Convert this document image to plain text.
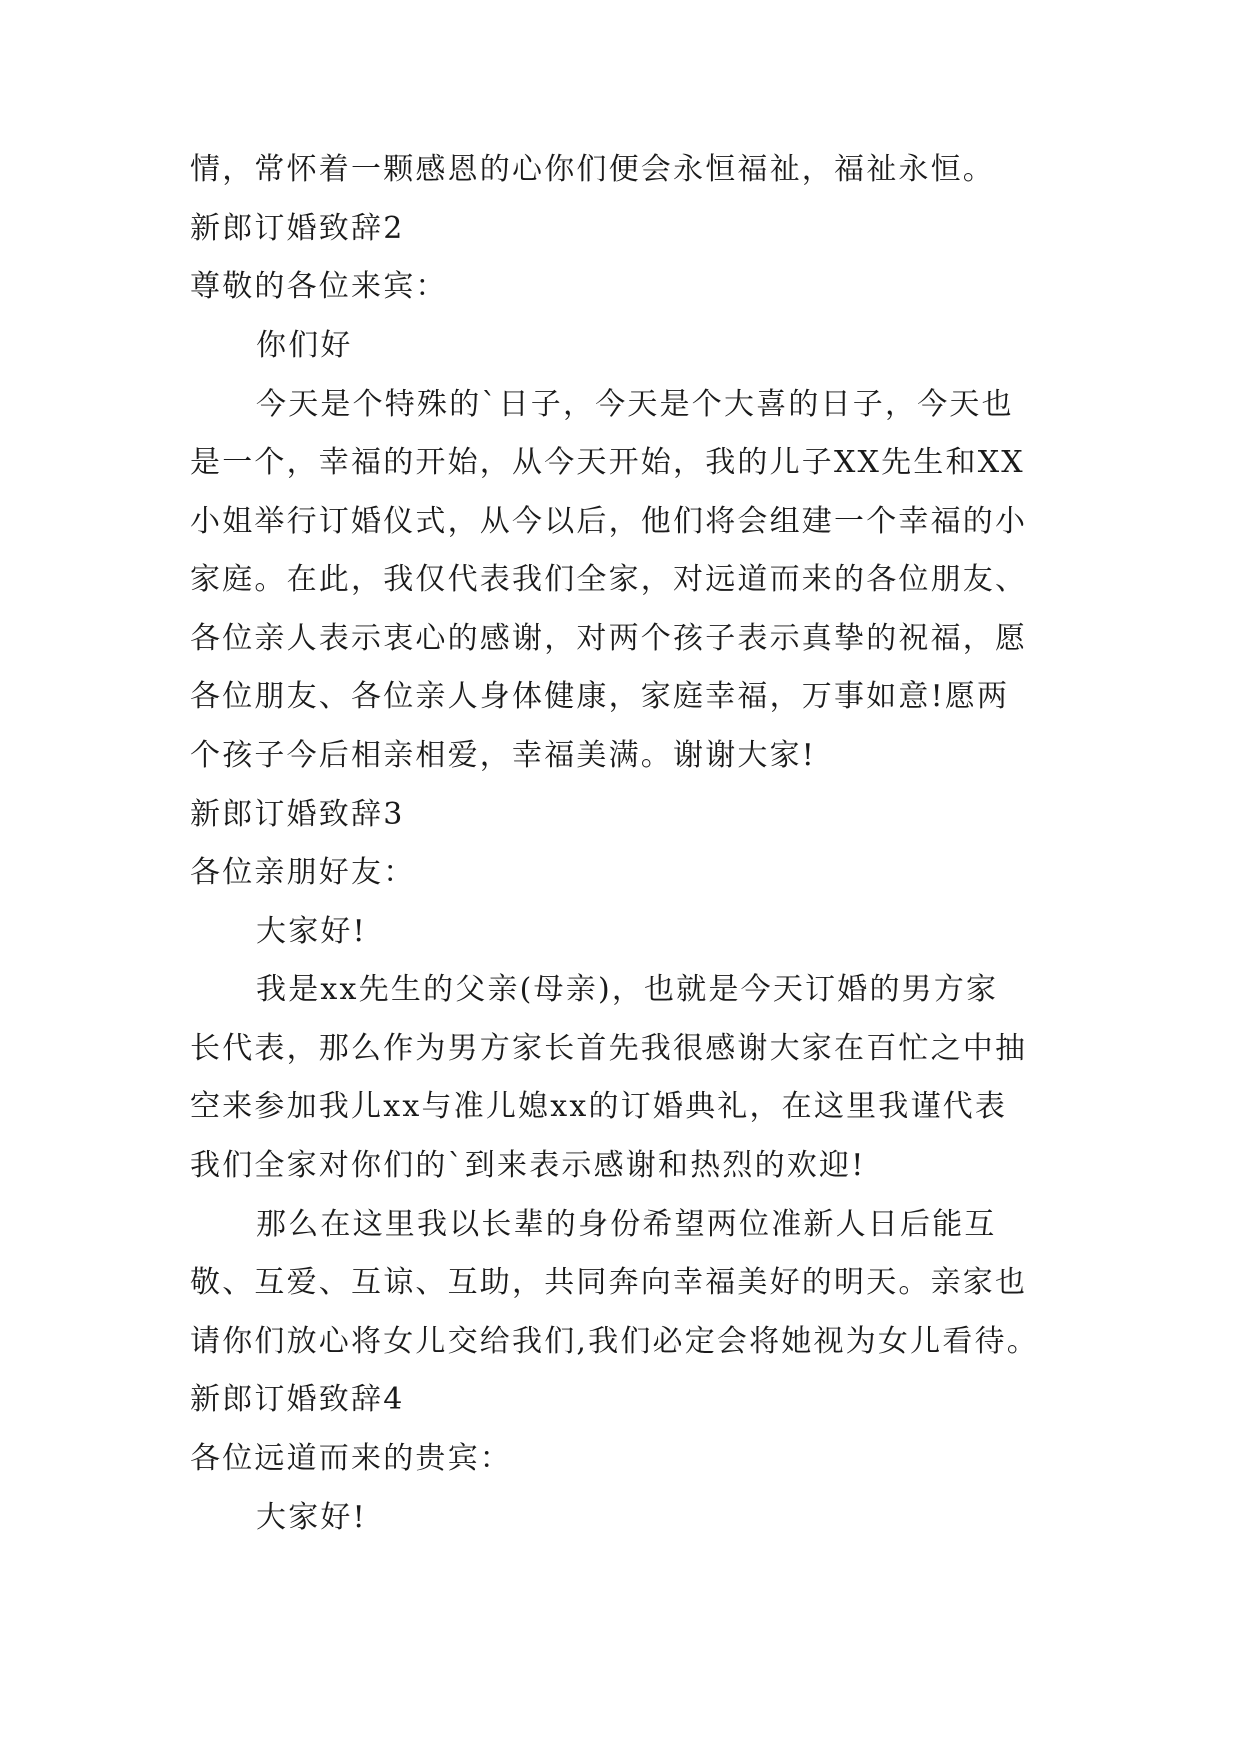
情，常怀着一颗感恩的心你们便会永恒福祉，福祉永恒。
新郎订婚致辞2
尊敬的各位来宾：
你们好
今天是个特殊的`日子，今天是个大喜的日子，今天也
是一个，幸福的开始，从今天开始，我的儿子XX先生和XX
小姐举行订婚仪式，从今以后，他们将会组建一个幸福的小
家庭。在此，我仅代表我们全家，对远道而来的各位朋友、
各位亲人表示衷心的感谢，对两个孩子表示真挚的祝福，愿
各位朋友、各位亲人身体健康，家庭幸福，万事如意!愿两
个孩子今后相亲相爱，幸福美满。谢谢大家!
新郎订婚致辞3
各位亲朋好友：
大家好!
我是xx先生的父亲(母亲)，也就是今天订婚的男方家
长代表，那么作为男方家长首先我很感谢大家在百忙之中抽
空来参加我儿xx与准儿媳xx的订婚典礼，在这里我谨代表
我们全家对你们的`到来表示感谢和热烈的欢迎!
那么在这里我以长辈的身份希望两位准新人日后能互
敬、互爱、互谅、互助，共同奔向幸福美好的明天。亲家也
请你们放心将女儿交给我们,我们必定会将她视为女儿看待。
新郎订婚致辞4
各位远道而来的贵宾：
大家好!
